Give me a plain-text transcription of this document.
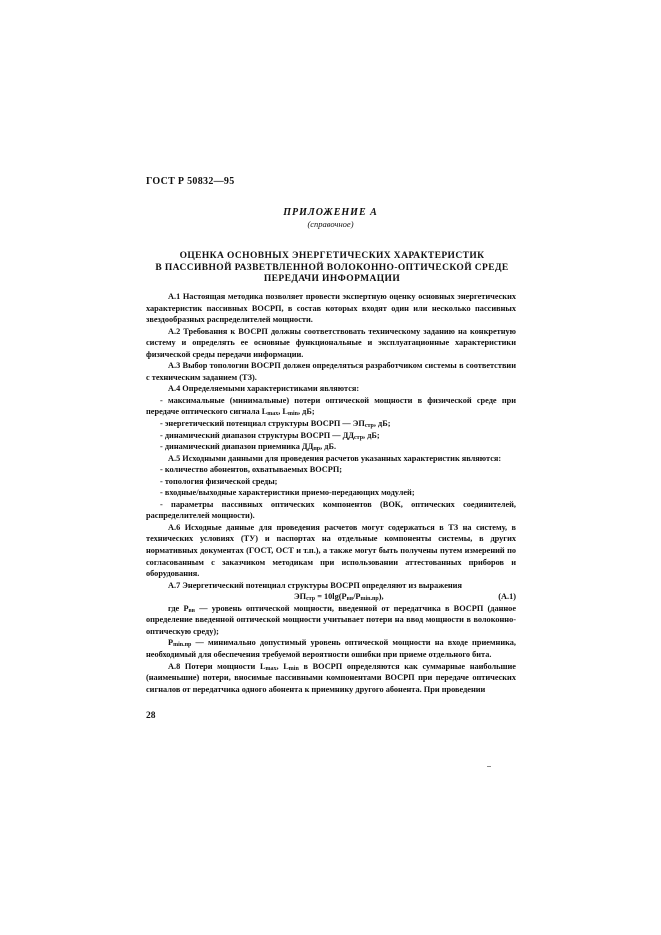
ГОСТ Р 50832—95
ПРИЛОЖЕНИЕ А
(справочное)
ОЦЕНКА ОСНОВНЫХ ЭНЕРГЕТИЧЕСКИХ ХАРАКТЕРИСТИК
В ПАССИВНОЙ РАЗВЕТВЛЕННОЙ ВОЛОКОННО-ОПТИЧЕСКОЙ СРЕДЕ
ПЕРЕДАЧИ ИНФОРМАЦИИ

А.1 Настоящая методика позволяет провести экспертную оценку основных энергетических характеристик пассивных ВОСРП, в состав которых входят один или несколько пассивных звездообразных распределителей мощности.

А.2 Требования к ВОСРП должны соответствовать техническому заданию на конкретную систему и определять ее основные функциональные и эксплуатационные характеристики физической среды передачи информации.

А.3 Выбор топологии ВОСРП должен определяться разработчиком системы в соответствии с техническим заданием (ТЗ).

А.4 Определяемыми характеристиками являются:

- максимальные (минимальные) потери оптической мощности в физической среде при передаче оптического сигнала $L_{max}$, $L_{min}$, дБ;

- энергетический потенциал структуры ВОСРП — $ЭП_{стр}$, дБ;

- динамический диапазон структуры ВОСРП — $ДД_{стр}$, дБ;

- динамический диапазон приемника $ДД_{пр}$, дБ.

А.5 Исходными данными для проведения расчетов указанных характеристик являются:

- количество абонентов, охватываемых ВОСРП;

- топология физической среды;

- входные/выходные характеристики приемо-передающих модулей;

- параметры пассивных оптических компонентов (ВОК, оптических соединителей, распределителей мощности).

А.6 Исходные данные для проведения расчетов могут содержаться в ТЗ на систему, в технических условиях (ТУ) и паспортах на отдельные компоненты системы, в других нормативных документах (ГОСТ, ОСТ и т.п.), а также могут быть получены путем измерений по согласованным с заказчиком методикам при использовании аттестованных приборов и оборудования.

А.7 Энергетический потенциал структуры ВОСРП определяют из выражения

$ЭП_{стр} = 10\lg(P_{вв}/P_{min.пр})$,	(А.1)

где $P_{вв}$ — уровень оптической мощности, введенной от передатчика в ВОСРП (данное определение введенной оптической мощности учитывает потери на ввод мощности в волоконно-оптическую среду);

$P_{min.пр}$ — минимально допустимый уровень оптической мощности на входе приемника, необходимый для обеспечения требуемой вероятности ошибки при приеме отдельного бита.

А.8 Потери мощности $L_{max}$, $L_{min}$ в ВОСРП определяются как суммарные наибольшие (наименьшие) потери, вносимые пассивными компонентами ВОСРП при передаче оптических сигналов от передатчика одного абонента к приемнику другого абонента. При проведении

28
